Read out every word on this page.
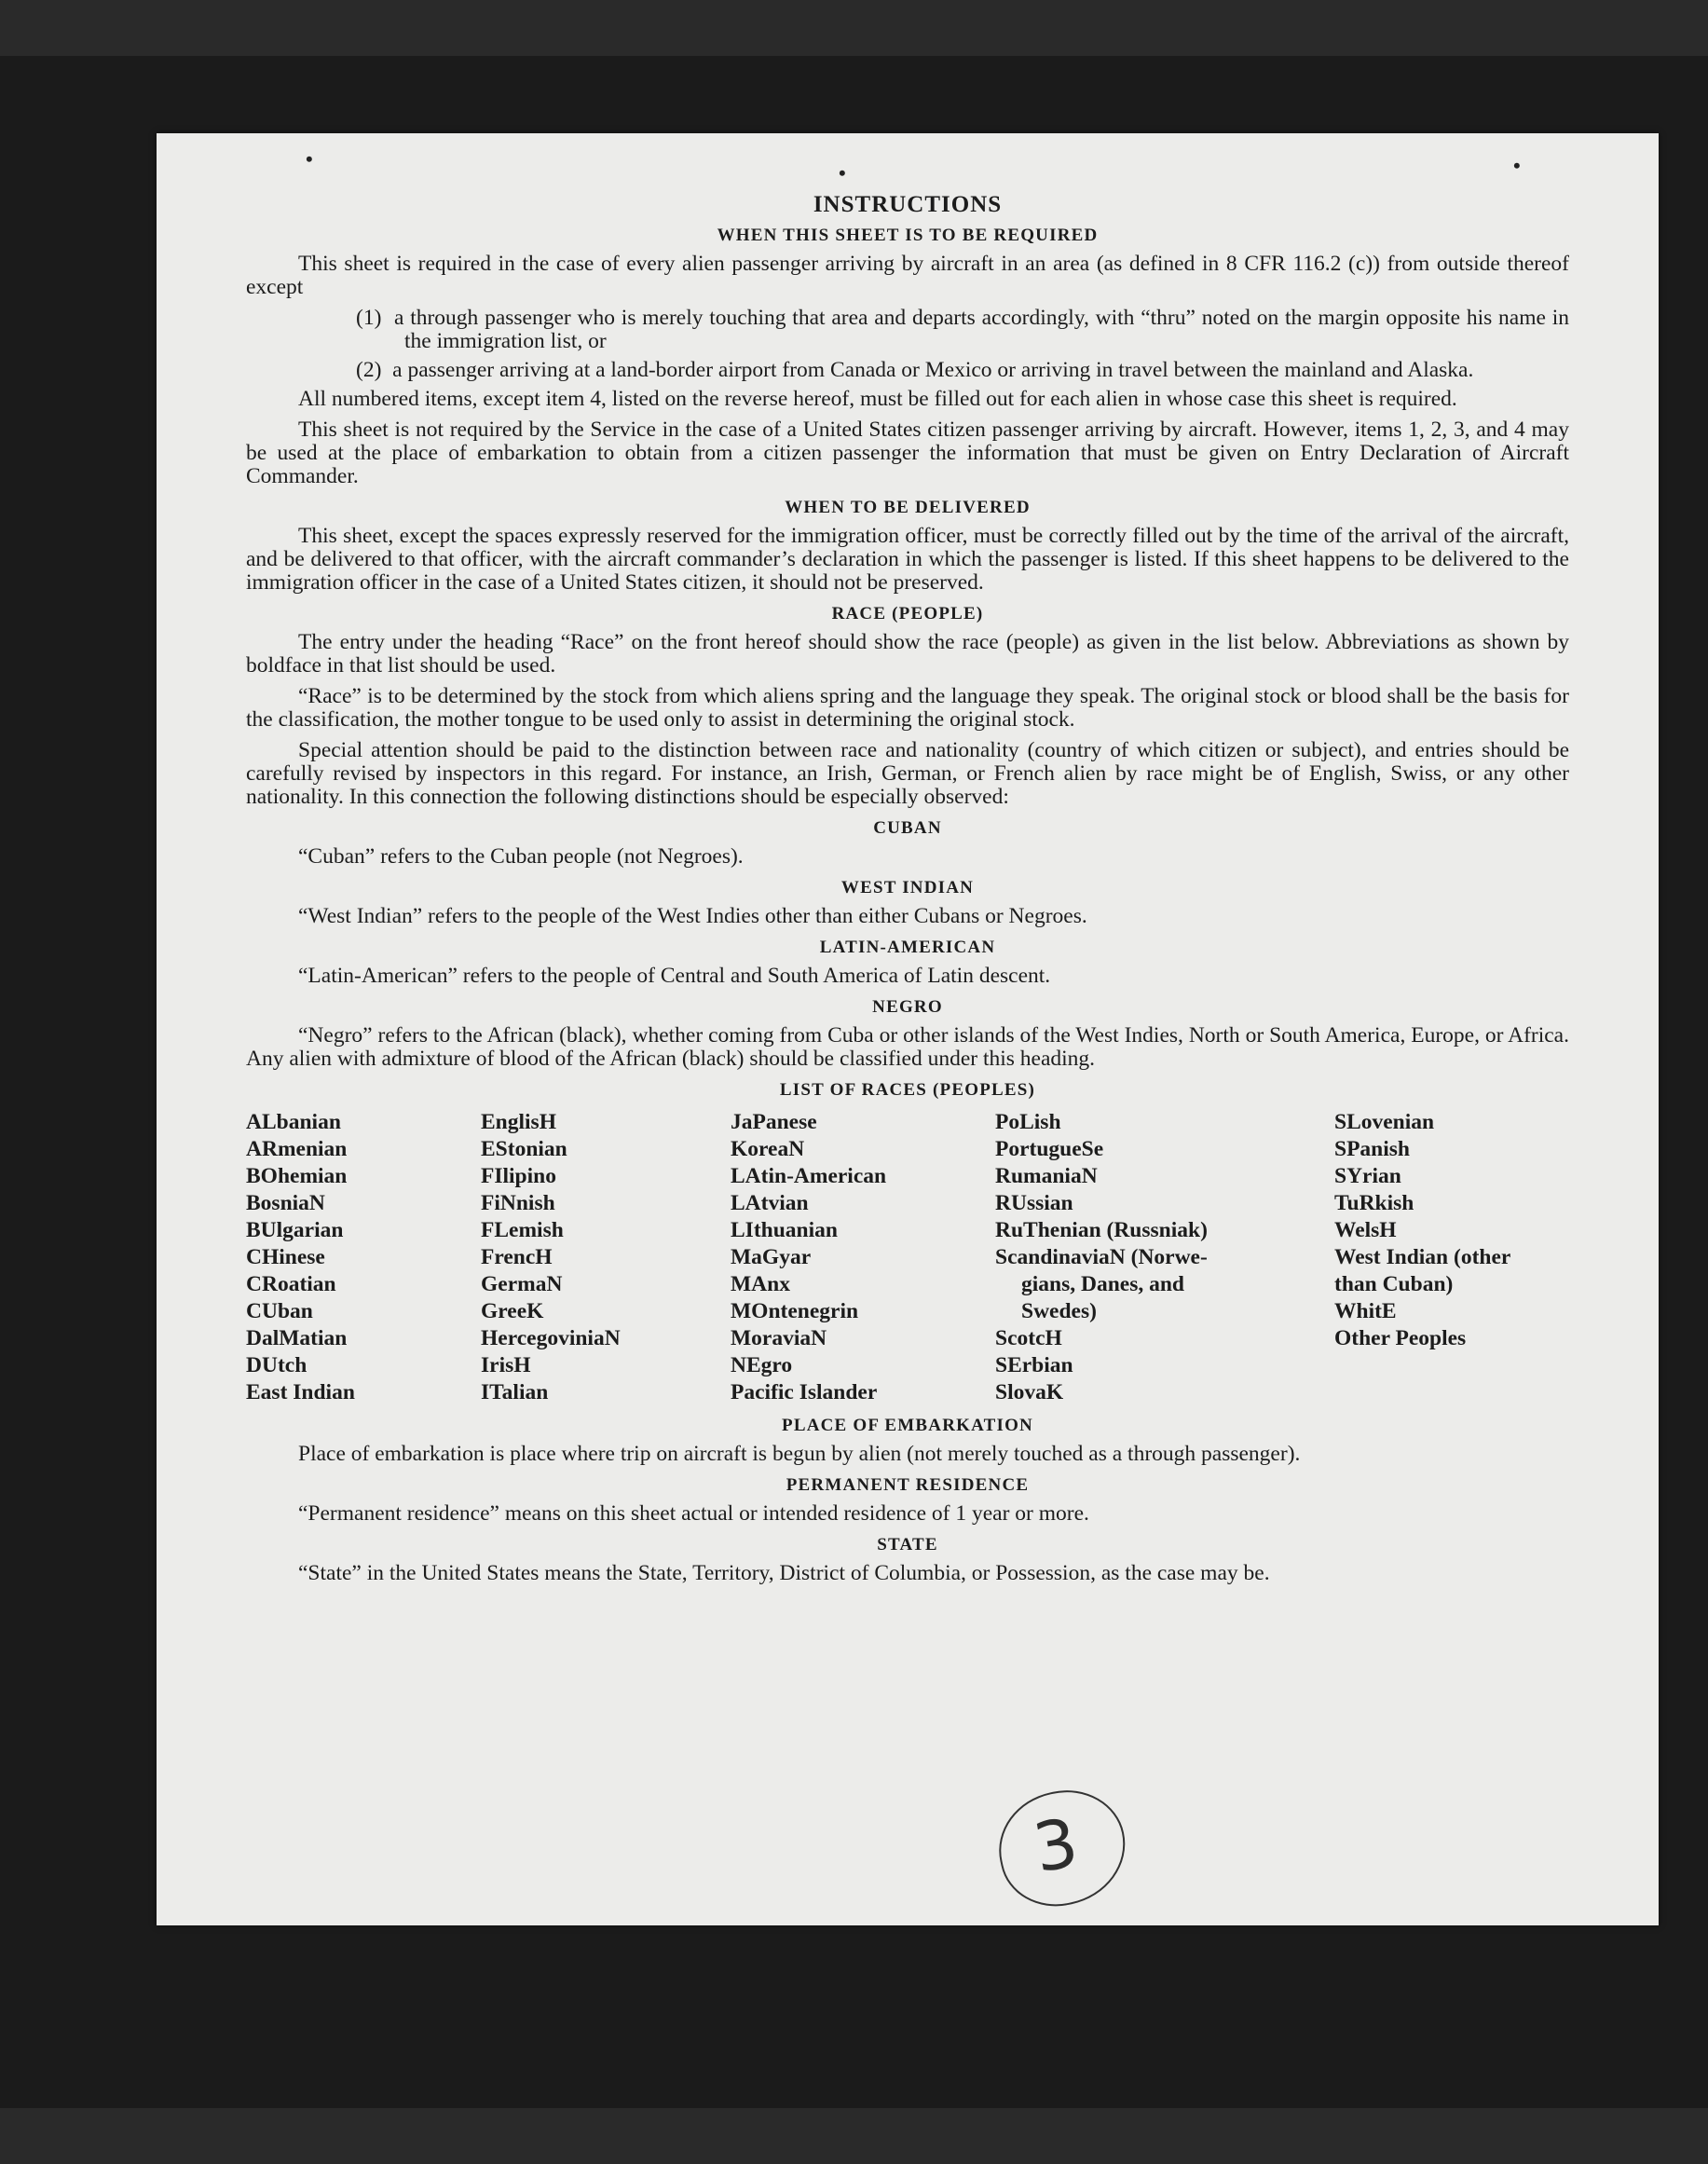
•
•	•
INSTRUCTIONS
WHEN THIS SHEET IS TO BE REQUIRED

This sheet is required in the case of every alien passenger arriving by aircraft in an area (as defined in 8 CFR 116.2 (c)) from outside thereof except

(1) a through passenger who is merely touching that area and departs accordingly, with “thru” noted on the margin opposite his name in the immigration list, or
(2) a passenger arriving at a land-border airport from Canada or Mexico or arriving in travel between the mainland and Alaska.

All numbered items, except item 4, listed on the reverse hereof, must be filled out for each alien in whose case this sheet is required.

This sheet is not required by the Service in the case of a United States citizen passenger arriving by aircraft. However, items 1, 2, 3, and 4 may be used at the place of embarkation to obtain from a citizen passenger the information that must be given on Entry Declaration of Aircraft Commander.

WHEN TO BE DELIVERED

This sheet, except the spaces expressly reserved for the immigration officer, must be correctly filled out by the time of the arrival of the aircraft, and be delivered to that officer, with the aircraft commander’s declaration in which the passenger is listed. If this sheet happens to be delivered to the immigration officer in the case of a United States citizen, it should not be preserved.

RACE (PEOPLE)

The entry under the heading “Race” on the front hereof should show the race (people) as given in the list below. Abbreviations as shown by boldface in that list should be used.

“Race” is to be determined by the stock from which aliens spring and the language they speak. The original stock or blood shall be the basis for the classification, the mother tongue to be used only to assist in determining the original stock.

Special attention should be paid to the distinction between race and nationality (country of which citizen or subject), and entries should be carefully revised by inspectors in this regard. For instance, an Irish, German, or French alien by race might be of English, Swiss, or any other nationality. In this connection the following distinctions should be especially observed:

CUBAN

“Cuban” refers to the Cuban people (not Negroes).

WEST INDIAN

“West Indian” refers to the people of the West Indies other than either Cubans or Negroes.

LATIN-AMERICAN

“Latin-American” refers to the people of Central and South America of Latin descent.

NEGRO

“Negro” refers to the African (black), whether coming from Cuba or other islands of the West Indies, North or South America, Europe, or Africa. Any alien with admixture of blood of the African (black) should be classified under this heading.

LIST OF RACES (PEOPLES)
ALbanian
ARmenian
BOhemian
BosniaN
BUlgarian
CHinese
CRoatian
CUban
DalMatian
DUtch
East Indian
EnglisH
EStonian
FIlipino
FiNnish
FLemish
FrencH
GermaN
GreeK
HercegoviniaN
IrisH
ITalian
JaPanese
KoreaN
LAtin-American
LAtvian
LIthuanian
MaGyar
MAnx
MOntenegrin
MoraviaN
NEgro
Pacific Islander
PoLish
PortugueSe
RumaniaN
RUssian
RuThenian (Russniak)
ScandinaviaN (Norwe-
gians, Danes, and
Swedes)
ScotcH
SErbian
SlovaK
SLovenian
SPanish
SYrian
TuRkish
WelsH
West Indian (other
than Cuban)
WhitE
Other Peoples
PLACE OF EMBARKATION

Place of embarkation is place where trip on aircraft is begun by alien (not merely touched as a through passenger).

PERMANENT RESIDENCE

“Permanent residence” means on this sheet actual or intended residence of 1 year or more.

STATE

“State” in the United States means the State, Territory, District of Columbia, or Possession, as the case may be.

3
